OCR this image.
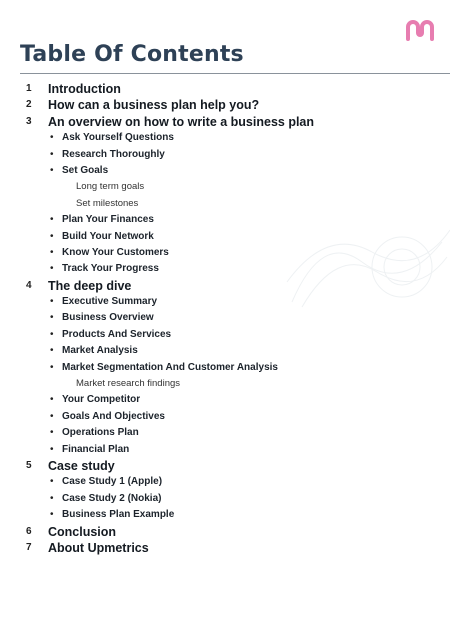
Table Of Contents
1 Introduction
2 How can a business plan help you?
3 An overview on how to write a business plan
• Ask Yourself Questions
• Research Thoroughly
• Set Goals
Long term goals
Set milestones
• Plan Your Finances
• Build Your Network
• Know Your Customers
• Track Your Progress
4 The deep dive
• Executive Summary
• Business Overview
• Products And Services
• Market Analysis
• Market Segmentation And Customer Analysis
Market research findings
• Your Competitor
• Goals And Objectives
• Operations Plan
• Financial Plan
5 Case study
• Case Study 1 (Apple)
• Case Study 2 (Nokia)
• Business Plan Example
6 Conclusion
7 About Upmetrics
